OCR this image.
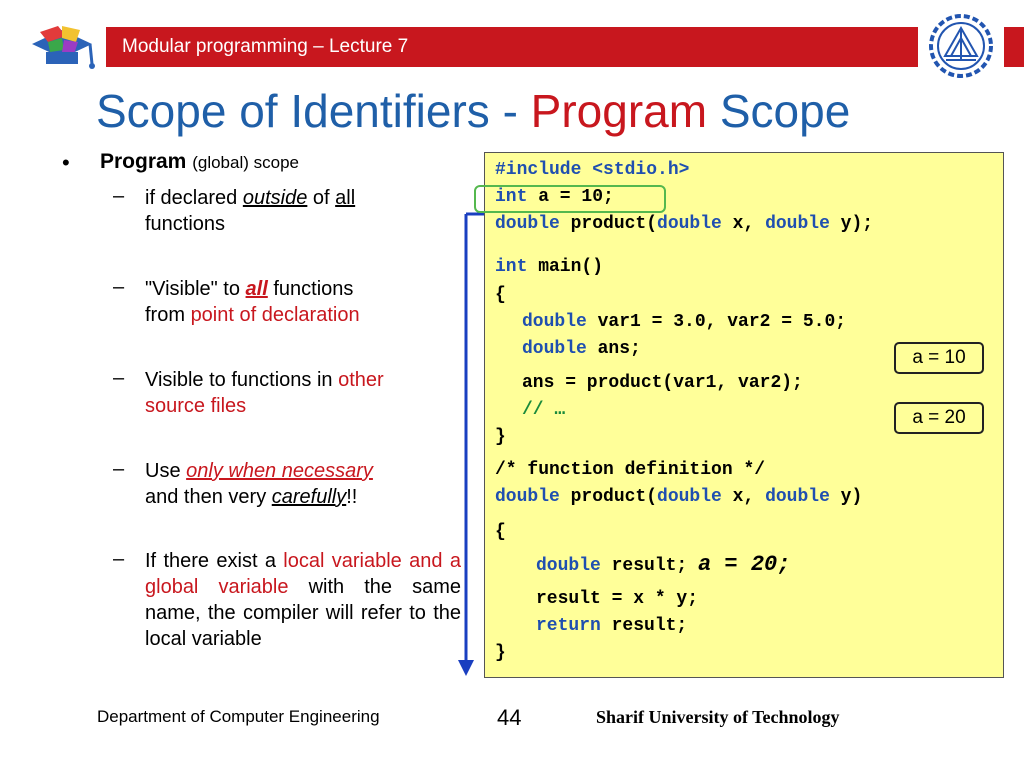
Modular programming – Lecture 7
Scope of Identifiers - Program Scope
• Program (global) scope
– if declared outside of all
functions
– "Visible" to all functions
from point of declaration
– Visible to functions in other
source files
– Use only when necessary
and then very carefully!!
– If there exist a local variable and a global variable with the same name, the compiler will refer to the local variable
#include <stdio.h>
int a = 10;
double product(double x, double y);
int main()
{
double var1 = 3.0, var2 = 5.0;
double ans;
ans = product(var1, var2);
// …
}
/* function definition */
double product(double x, double y)
{
double result; a = 20;
result = x * y;
return result;
}
a = 10
a = 20
Department of Computer Engineering	44	Sharif University of Technology
